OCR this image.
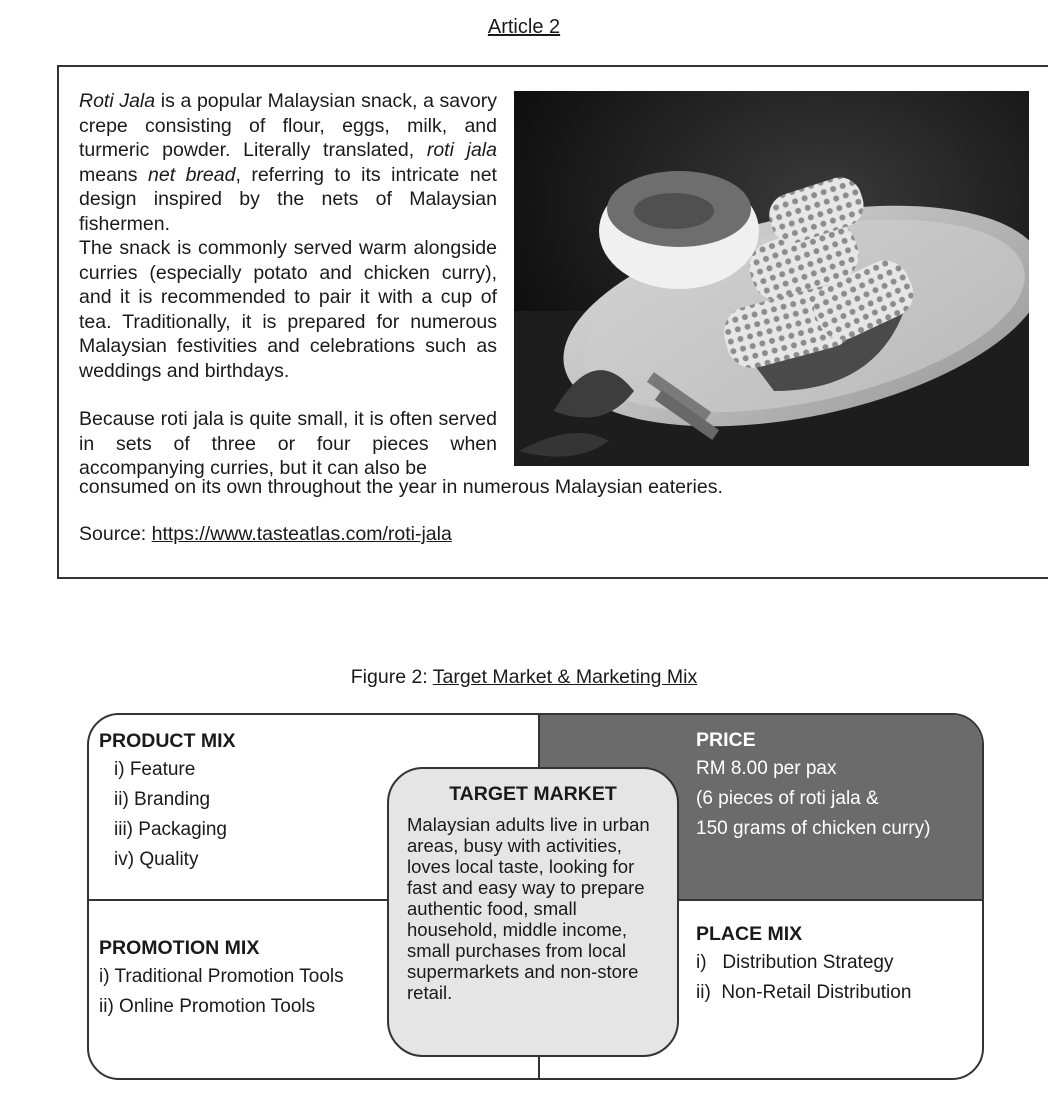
Article 2

Roti Jala is a popular Malaysian snack, a savory crepe consisting of flour, eggs, milk, and turmeric powder. Literally translated, roti jala means net bread, referring to its intricate net design inspired by the nets of Malaysian fishermen.

The snack is commonly served warm alongside curries (especially potato and chicken curry), and it is recommended to pair it with a cup of tea. Traditionally, it is prepared for numerous Malaysian festivities and celebrations such as weddings and birthdays.

Because roti jala is quite small, it is often served in sets of three or four pieces when accompanying curries, but it can also be

consumed on its own throughout the year in numerous Malaysian eateries.
Source: https://www.tasteatlas.com/roti-jala
Figure 2: Target Market & Marketing Mix
PRODUCT MIX
i) Feature
ii) Branding
iii) Packaging
iv) Quality
PROMOTION MIX
i) Traditional Promotion Tools
ii) Online Promotion Tools
PRICE
RM 8.00 per pax
(6 pieces of roti jala &
150 grams of chicken curry)
PLACE MIX
i)   Distribution Strategy
ii)  Non-Retail Distribution
TARGET MARKET

Malaysian adults live in urban areas, busy with activities, loves local taste, looking for fast and easy way to prepare authentic food, small household, middle income, small purchases from local supermarkets and non-store retail.
